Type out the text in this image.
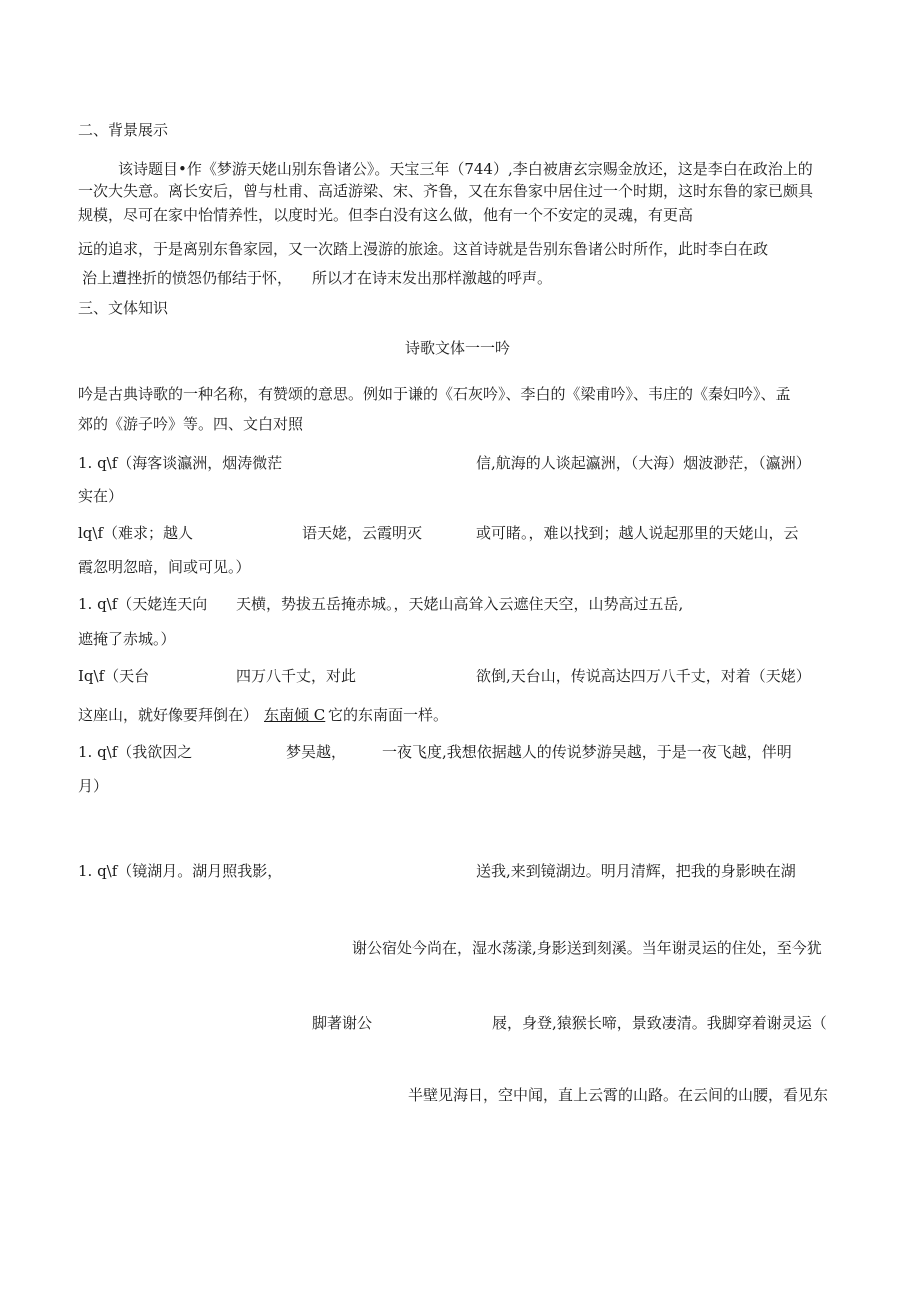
二、背景展示
该诗题目•作《梦游天姥山别东鲁诸公》。天宝三年（744）,李白被唐玄宗赐金放还，这是李白在政治上的
一次大失意。离长安后，曾与杜甫、高适游梁、宋、齐鲁，又在东鲁家中居住过一个时期，这时东鲁的家已颇具
规模，尽可在家中怡情养性，以度时光。但李白没有这么做，他有一个不安定的灵魂，有更高
远的追求，于是离别东鲁家园，又一次踏上漫游的旅途。这首诗就是告别东鲁诸公时所作，此时李白在政
治上遭挫折的愤怨仍郁结于怀， 所以才在诗末发出那样激越的呼声。
三、文体知识
诗歌文体一一吟
吟是古典诗歌的一种名称，有赞颂的意思。例如于谦的《石灰吟》、李白的《梁甫吟》、韦庄的《秦妇吟》、孟
郊的《游子吟》等。四、文白对照
1. q\f（海客谈瀛洲，烟涛微茫	信,航海的人谈起瀛洲，（大海）烟波渺茫，（瀛洲）
实在）
lq\f（难求；越人	语天姥，云霞明灭	或可睹。，难以找到；越人说起那里的天姥山，云
霞忽明忽暗，间或可见。）
1. q\f（天姥连天向 天横，势拔五岳掩赤城。，天姥山高耸入云遮住天空，山势高过五岳,
遮掩了赤城。）
Iq\f（天台	四万八千丈，对此	欲倒,天台山，传说高达四万八千丈，对着（天姥）
这座山，就好像要拜倒在） 东南倾 C 它的东南面一样。
1. q\f（我欲因之	梦吴越， 一夜飞度,我想依据越人的传说梦游吴越，于是一夜飞越，伴明
月）
1. q\f（镜湖月。湖月照我影，	送我,来到镜湖边。明月清辉，把我的身影映在湖
谢公宿处今尚在，湿水荡漾,身影送到刻溪。当年谢灵运的住处，至今犹
脚著谢公	屐，身登,猿猴长啼，景致凄清。我脚穿着谢灵运（
半壁见海日，空中闻，直上云霄的山路。在云间的山腰，看见东
